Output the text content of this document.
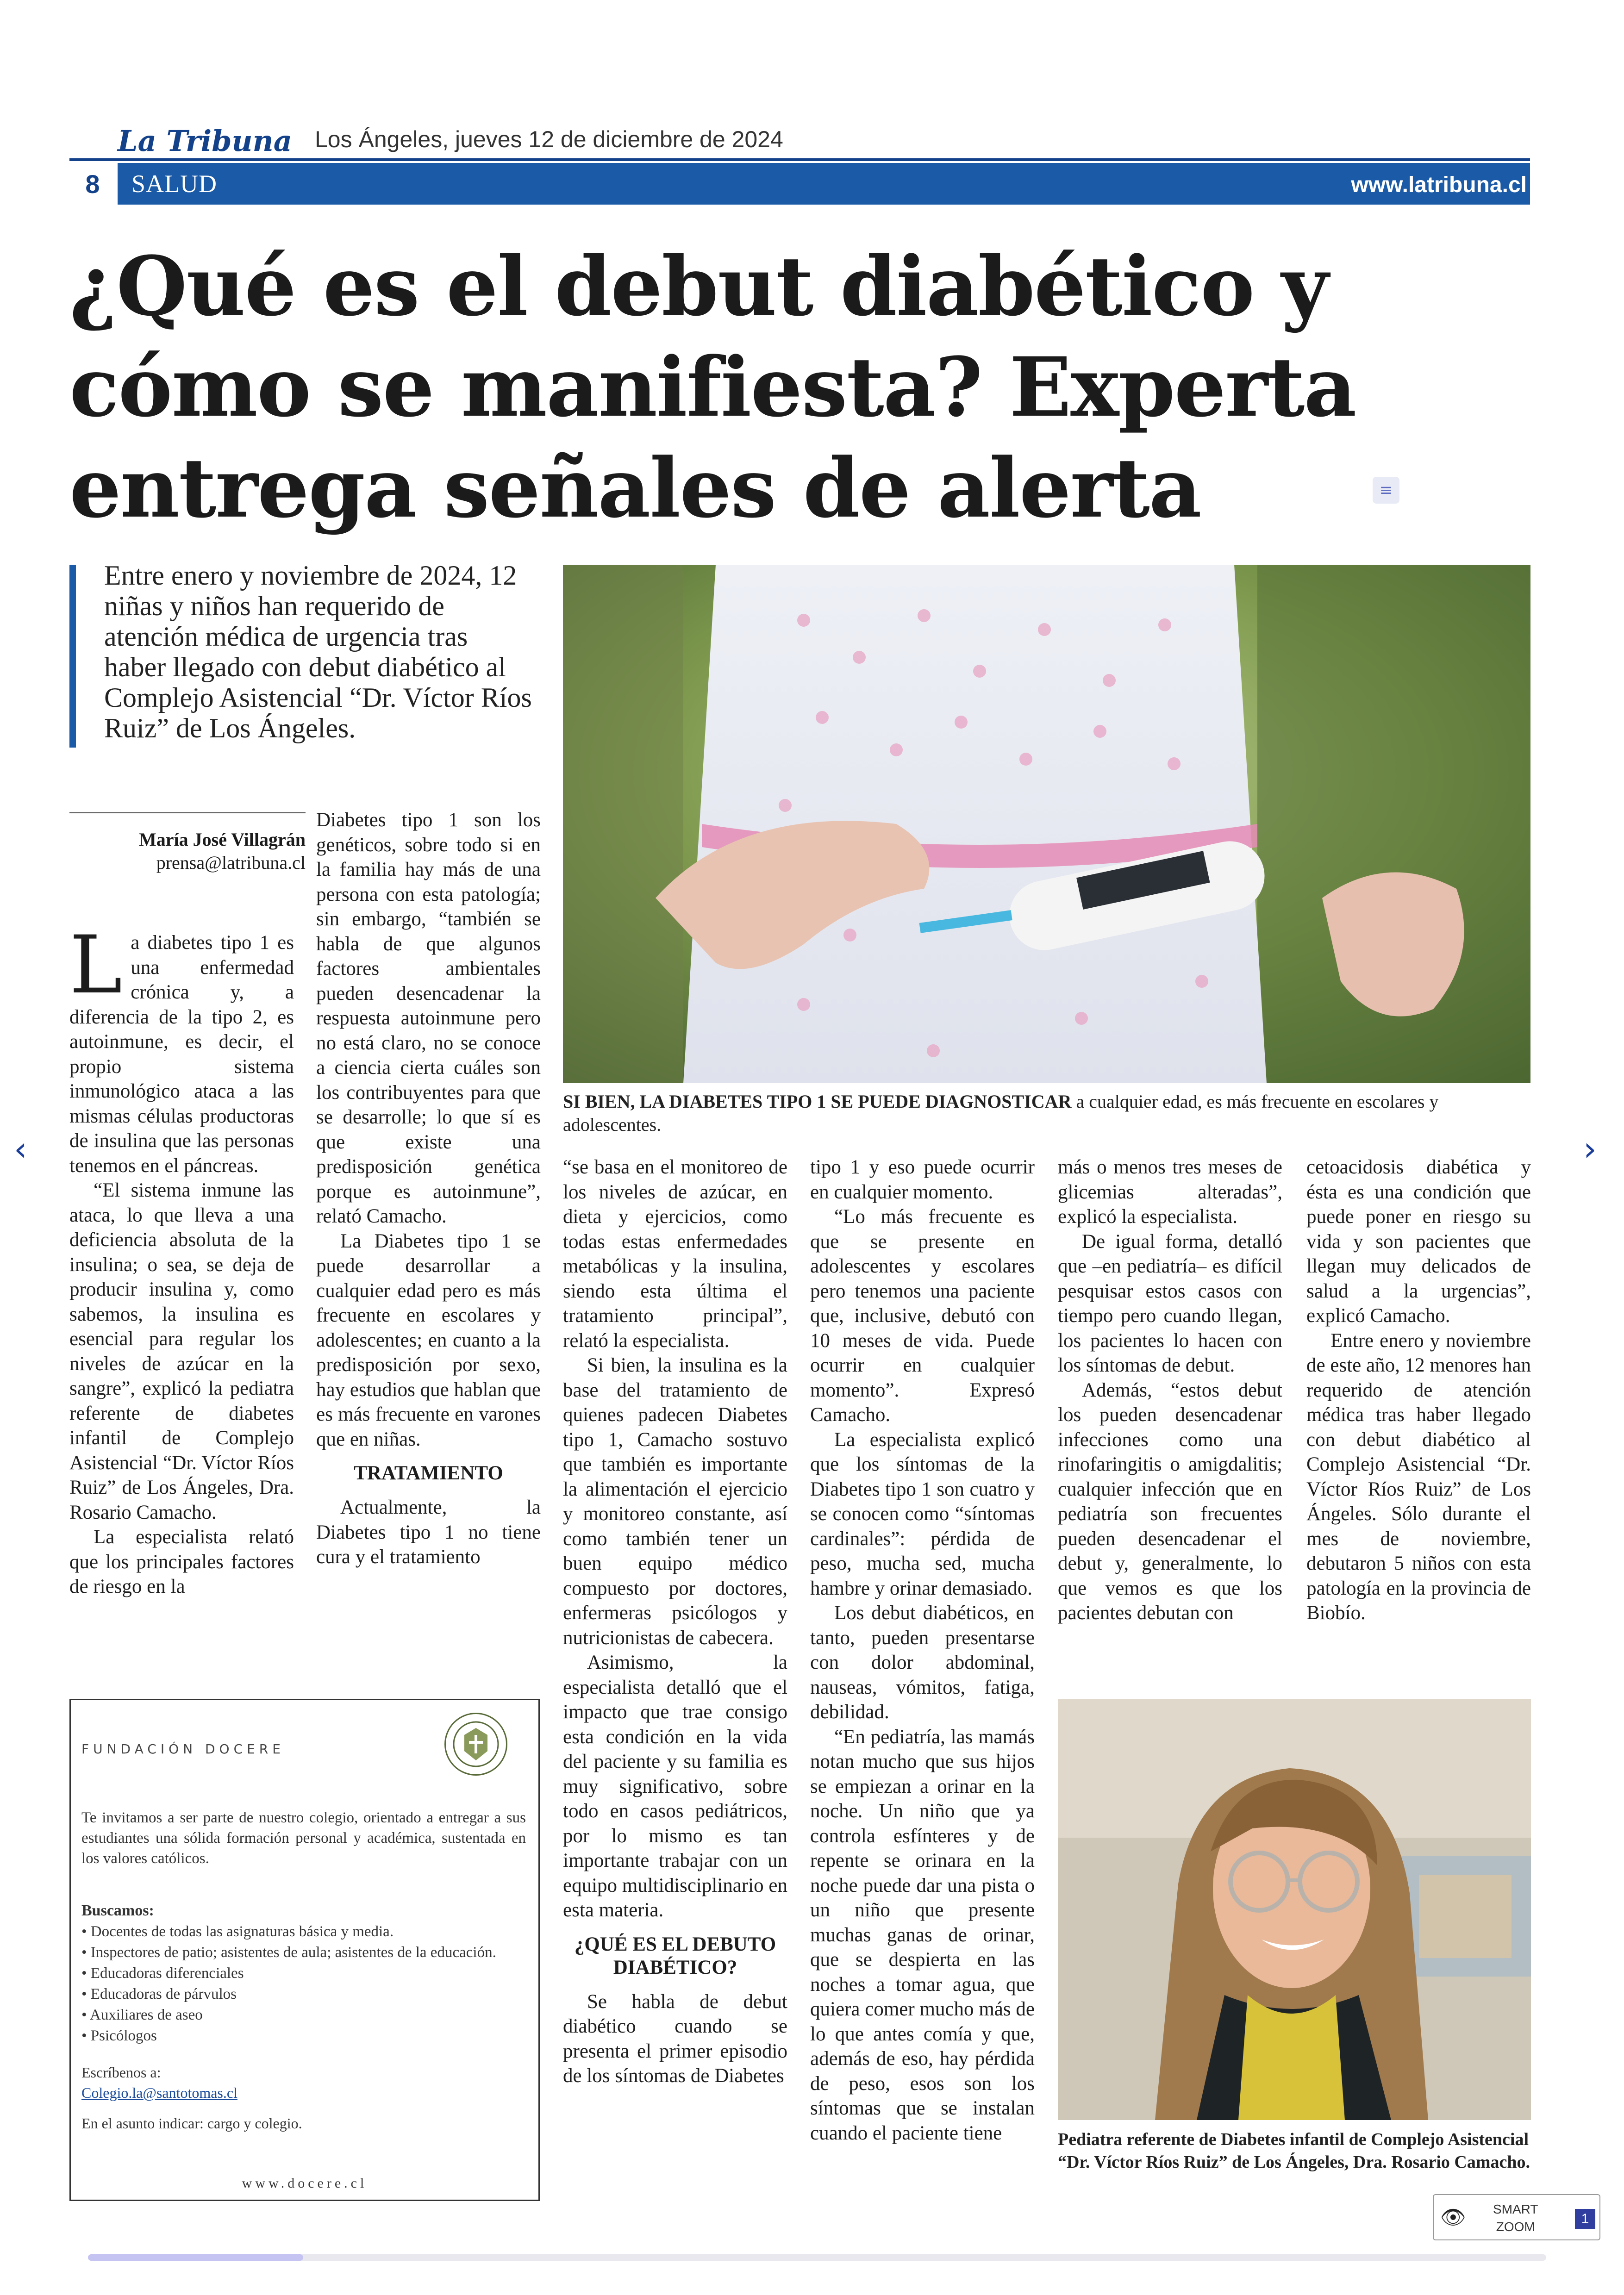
La Tribuna Los Ángeles, jueves 12 de diciembre de 2024
8	SALUD	www.latribuna.cl
¿Qué es el debut diabético y cómo se manifiesta? Experta entrega señales de alerta	≡
Entre enero y noviembre de 2024, 12 niñas y niños han requerido de atención médica de urgencia tras haber llegado con debut diabético al Complejo Asistencial “Dr. Víctor Ríos Ruiz” de Los Ángeles.
SI BIEN, LA DIABETES TIPO 1 SE PUEDE DIAGNOSTICAR a cualquier edad, es más frecuente en escolares y adolescentes.
María José Villagrán
prensa@latribuna.cl

La diabetes tipo 1 es una enfermedad crónica y, a diferencia de la tipo 2, es autoinmune, es decir, el propio sistema inmunológico ataca a las mismas células productoras de insulina que las personas tenemos en el páncreas.

“El sistema inmune las ataca, lo que lleva a una deficiencia absoluta de la insulina; o sea, se deja de producir insulina y, como sabemos, la insulina es esencial para regular los niveles de azúcar en la sangre”, explicó la pediatra referente de diabetes infantil de Complejo Asistencial “Dr. Víctor Ríos Ruiz” de Los Ángeles, Dra. Rosario Camacho.

La especialista relató que los principales factores de riesgo en la

Diabetes tipo 1 son los genéticos, sobre todo si en la familia hay más de una persona con esta patología; sin embargo, “también se habla de que algunos factores ambientales pueden desencadenar la respuesta autoinmune pero no está claro, no se conoce a ciencia cierta cuáles son los contribuyentes para que se desarrolle; lo que sí es que existe una predisposición genética porque es autoinmune”, relató Camacho.

La Diabetes tipo 1 se puede desarrollar a cualquier edad pero es más frecuente en escolares y adolescentes; en cuanto a la predisposición por sexo, hay estudios que hablan que es más frecuente en varones que en niñas.

TRATAMIENTO

Actualmente, la Diabetes tipo 1 no tiene cura y el tratamiento

“se basa en el monitoreo de los niveles de azúcar, en dieta y ejercicios, como todas estas enfermedades metabólicas y la insulina, siendo esta última el tratamiento principal”, relató la especialista.

Si bien, la insulina es la base del tratamiento de quienes padecen Diabetes tipo 1, Camacho sostuvo que también es importante la alimentación el ejercicio y monitoreo constante, así como también tener un buen equipo médico compuesto por doctores, enfermeras psicólogos y nutricionistas de cabecera.

Asimismo, la especialista detalló que el impacto que trae consigo esta condición en la vida del paciente y su familia es muy significativo, sobre todo en casos pediátricos, por lo mismo es tan importante trabajar con un equipo multidisciplinario en esta materia.

¿QUÉ ES EL DEBUTO DIABÉTICO?

Se habla de debut diabético cuando se presenta el primer episodio de los síntomas de Diabetes

tipo 1 y eso puede ocurrir en cualquier momento.

“Lo más frecuente es que se presente en adolescentes y escolares pero tenemos una paciente que, inclusive, debutó con 10 meses de vida. Puede ocurrir en cualquier momento”. Expresó Camacho.

La especialista explicó que los síntomas de la Diabetes tipo 1 son cuatro y se conocen como “síntomas cardinales”: pérdida de peso, mucha sed, mucha hambre y orinar demasiado.

Los debut diabéticos, en tanto, pueden presentarse con dolor abdominal, nauseas, vómitos, fatiga, debilidad.

“En pediatría, las mamás notan mucho que sus hijos se empiezan a orinar en la noche. Un niño que ya controla esfínteres y de repente se orinara en la noche puede dar una pista o un niño que presente muchas ganas de orinar, que se despierta en las noches a tomar agua, que quiera comer mucho más de lo que antes comía y que, además de eso, hay pérdida de peso, esos son los síntomas que se instalan cuando el paciente tiene

más o menos tres meses de glicemias alteradas”, explicó la especialista.

De igual forma, detalló que –en pediatría– es difícil pesquisar estos casos con tiempo pero cuando llegan, los pacientes lo hacen con los síntomas de debut.

Además, “estos debut los pueden desencadenar infecciones como una rinofaringitis o amigdalitis; cualquier infección que en pediatría son frecuentes pueden desencadenar el debut y, generalmente, lo que vemos es que los pacientes debutan con

cetoacidosis diabética y ésta es una condición que puede poner en riesgo su vida y son pacientes que llegan muy delicados de salud a la urgencias”, explicó Camacho.

Entre enero y noviembre de este año, 12 menores han requerido de atención médica tras haber llegado con debut diabético al Complejo Asistencial “Dr. Víctor Ríos Ruiz” de Los Ángeles. Sólo durante el mes de noviembre, debutaron 5 niños con esta patología en la provincia de Biobío.

FUNDACIÓN DOCERE
Te invitamos a ser parte de nuestro colegio, orientado a entregar a sus estudiantes una sólida formación personal y académica, sustentada en los valores católicos.
Buscamos:
• Docentes de todas las asignaturas básica y media.
• Inspectores de patio; asistentes de aula; asistentes de la educación.
• Educadoras diferenciales
• Educadoras de párvulos
• Auxiliares de aseo
• Psicólogos
Escríbenos a:
Colegio.la@santotomas.cl
En el asunto indicar: cargo y colegio.
www.docere.cl
Pediatra referente de Diabetes infantil de Complejo Asistencial “Dr. Víctor Ríos Ruiz” de Los Ángeles, Dra. Rosario Camacho.
‹	›
👁 SMART
ZOOM
1
